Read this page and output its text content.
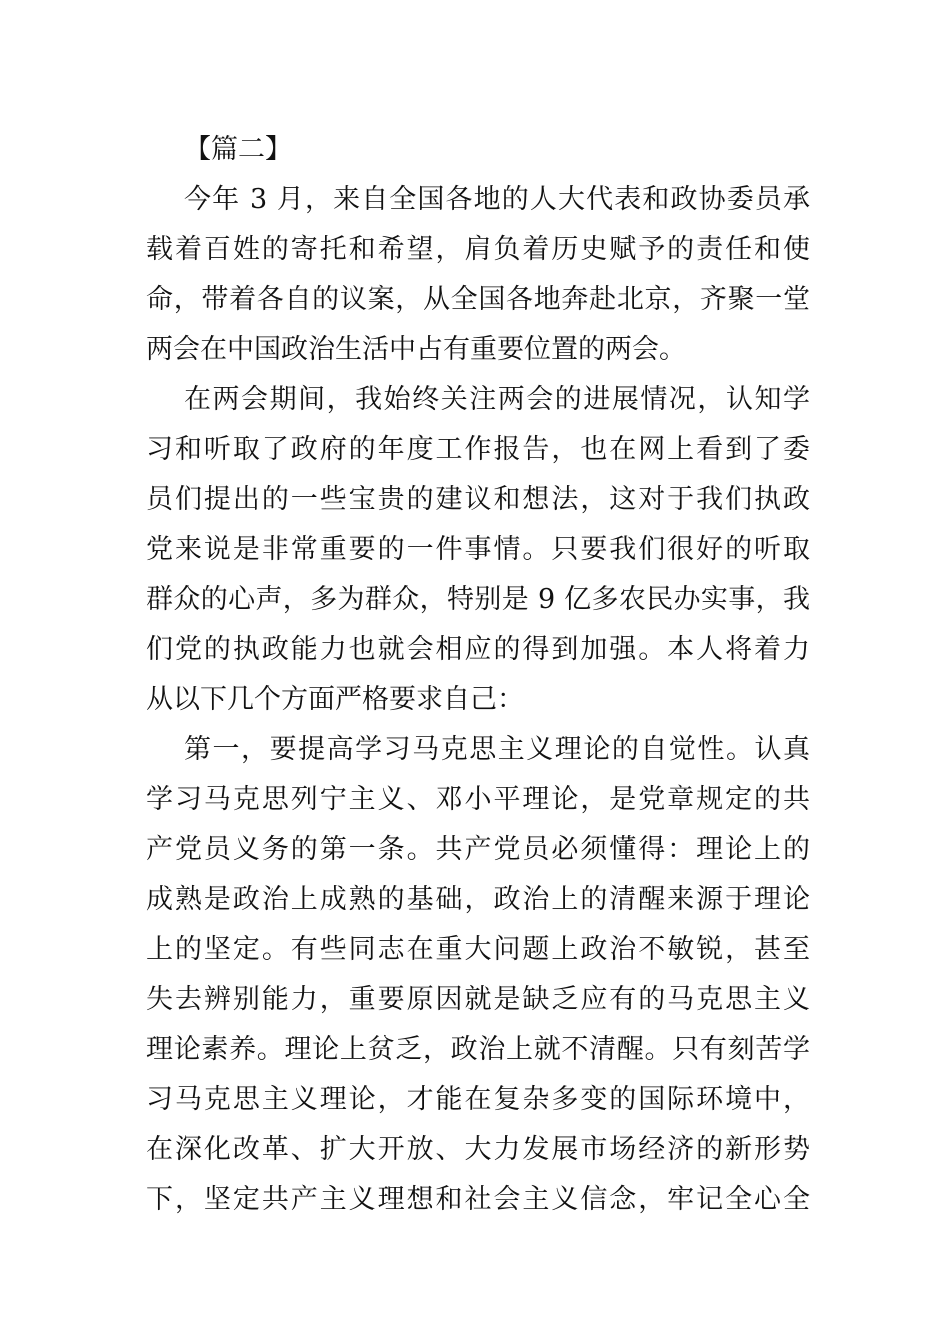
【篇二】
今年 3 月，来自全国各地的人大代表和政协委员承
载着百姓的寄托和希望，肩负着历史赋予的责任和使
命，带着各自的议案，从全国各地奔赴北京，齐聚一堂
两会在中国政治生活中占有重要位置的两会。
在两会期间，我始终关注两会的进展情况，认知学
习和听取了政府的年度工作报告，也在网上看到了委
员们提出的一些宝贵的建议和想法，这对于我们执政
党来说是非常重要的一件事情。只要我们很好的听取
群众的心声，多为群众，特别是 9 亿多农民办实事，我
们党的执政能力也就会相应的得到加强。本人将着力
从以下几个方面严格要求自己：
第一，要提高学习马克思主义理论的自觉性。认真
学习马克思列宁主义、邓小平理论，是党章规定的共
产党员义务的第一条。共产党员必须懂得：理论上的
成熟是政治上成熟的基础，政治上的清醒来源于理论
上的坚定。有些同志在重大问题上政治不敏锐，甚至
失去辨别能力，重要原因就是缺乏应有的马克思主义
理论素养。理论上贫乏，政治上就不清醒。只有刻苦学
习马克思主义理论，才能在复杂多变的国际环境中，
在深化改革、扩大开放、大力发展市场经济的新形势
下，坚定共产主义理想和社会主义信念，牢记全心全
